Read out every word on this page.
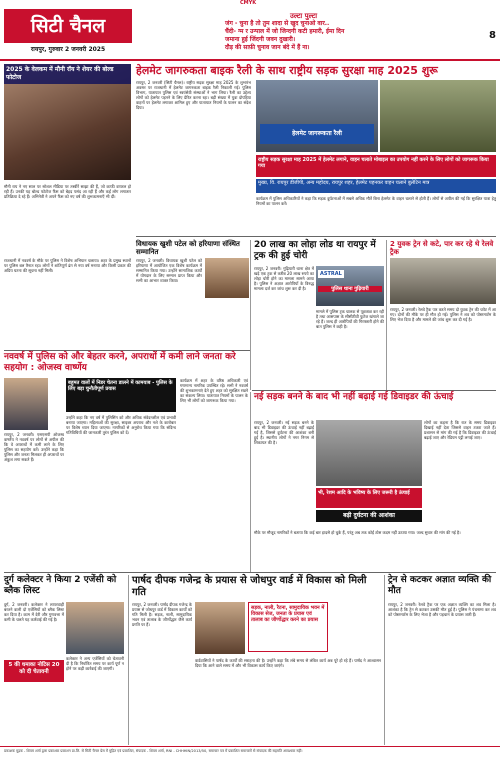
CMYK
8
सिटी चैनल
रायपुर, गुरुवार 2 जनवरी 2025
उल्टा पुल्टा
जंग - चुना है तो तुम शादा से खुद चुनाओ वार..
चैंदी- ग्म र उन्पाल में जो जिन्दगी कटी हमारी, ईमा दिन
जमाना हुई जिंदगी जवन दुखारी।
दौड़ की साफ़ी चुनाव जान बंदे में हैं ना।
2025 के वेलकम में मौनी रॉय ने शेयर की बोल्ड फोटोज
मौनी राय ने नए साल पर सोशल मीडिया पर तस्वीरें साझा की हैं, जो काफी वायरल हो रही हैं। उनकी यह बोल्ड फोटोज फैंस को बेहद पसंद आ रही हैं और कई लोग लगातार प्रतिक्रिया दे रहे हैं। अभिनेत्री ने अपने फैंस को नए वर्ष की शुभकामनाएँ भी दीं।
हेलमेट जागरुकता बाइक रैली के साथ राष्ट्रीय सड़क सुरक्षा माह 2025 शुरू
रायपुर, 2 जनवरी (सिटी चैनल)। राष्ट्रीय सड़क सुरक्षा माह 2025 के शुभारंभ अवसर पर राजधानी में हेलमेट जागरुकता बाइक रैली निकाली गई। पुलिस विभाग, यातायात पुलिस एवं स्वयंसेवी संस्थाओं ने भाग लिया। रैली का उद्देश्य लोगों को हेलमेट पहनने के लिए प्रेरित करना रहा। बड़ी संख्या में युवा दोपहिया वाहनों पर हेलमेट लगाकर शामिल हुए और यातायात नियमों के पालन का संदेश दिया।
हेलमेट जागरूकता रैली
राष्ट्रीय सड़क सुरक्षा माह 2025 में हेलमेट लगाने, वाहन चलाते मोबाइल का उपयोग नहीं करने के लिए लोगों को जागरूक किया गया
मुख्य, वि. रायपुर डीजीपी, अन्य महोदय, रायपुर शहर, हेलमेट पहनकर वाहन चलाने बुलेटिन मात्र
कार्यक्रम में पुलिस अधिकारियों ने कहा कि सड़क दुर्घटनाओं में सबसे अधिक मौतें बिना हेलमेट के वाहन चलाने से होती हैं। लोगों से अपील की गई कि सुरक्षित यात्रा हेतु नियमों का पालन करें।
विधायक खुशी पटेल को हरियाणा संस्थित सम्मानित
रायपुर, 2 जनवरी। विधायक खुशी पटेल को हरियाणा में आयोजित एक विशेष कार्यक्रम में सम्मानित किया गया। उन्होंने सामाजिक कार्यों में योगदान के लिए सम्मान प्राप्त किया और सभी का आभार व्यक्त किया।
20 लाख का लोहा लोड था रायपुर में ट्रक की हुई चोरी
रायपुर, 2 जनवरी। गुढ़ियारी थाना क्षेत्र में खड़े एक ट्रक से करीब 20 लाख रुपये का लोहा चोरी होने का मामला सामने आया है। पुलिस ने अज्ञात आरोपियों के विरुद्ध मामला दर्ज कर जांच शुरू कर दी है।
ASTRAL
पुलिस थाना गुढ़ियारी
मामले में पुलिस ट्रक चालक से पूछताछ कर रही है तथा आसपास के सीसीटीवी फुटेज खंगाले जा रहे हैं। जल्द ही आरोपियों की गिरफ्तारी होने की बात पुलिस ने कही है।
2 युवक ट्रेन से कटे, पार कर रहे थे रेलवे ट्रैक
रायपुर, 2 जनवरी। रेलवे ट्रैक पार करते समय दो युवक ट्रेन की चपेट में आ गए। दोनों की मौके पर ही मौत हो गई। पुलिस ने शव को पोस्टमार्टम के लिए भेज दिया है और मामले की जांच शुरू कर दी गई है।
राजधानी में नववर्ष के मौके पर पुलिस ने विशेष अभियान चलाया। शहर के प्रमुख स्थानों पर पुलिस बल तैनात रहा। लोगों ने शांतिपूर्ण ढंग से नया वर्ष मनाया और किसी प्रकार की अप्रिय घटना की सूचना नहीं मिली।
नववर्ष में पुलिस को और बेहतर करने, अपराधों में कमी लाने जनता करे सहयोग : ओजस्व वार्ष्णेय
रायपुर, 2 जनवरी। एसएसपी ओजस्व वार्ष्णेय ने नववर्ष पर लोगों से अपील की कि वे अपराधों में कमी लाने के लिए पुलिस का सहयोग करें। उन्होंने कहा कि पुलिस और जनता मिलकर ही अपराधों पर अंकुश लगा सकते हैं।
बहुमत वालों में निडर चेतना डालने में कामयाब - पुलिस के लिए बड़ा चुनौतीपूर्ण प्रयास
उन्होंने कहा कि नए वर्ष में पुलिसिंग को और अधिक संवेदनशील एवं प्रभावी बनाया जाएगा। महिलाओं की सुरक्षा, साइबर अपराध और नशे के कारोबार पर विशेष ध्यान दिया जाएगा। नागरिकों से अनुरोध किया गया कि संदिग्ध गतिविधियों की जानकारी तुरंत पुलिस को दें।
कार्यक्रम में शहर के वरिष्ठ अधिकारी एवं गणमान्य नागरिक उपस्थित रहे। सभी ने नववर्ष की शुभकामनाएं देते हुए शहर को सुरक्षित रखने का संकल्प लिया। यातायात नियमों के पालन के लिए भी लोगों को जागरूक किया गया।	नई सड़क बनने के बाद भी नहीं बढ़ाई गई डिवाइडर की ऊंचाई
रायपुर, 2 जनवरी। नई सड़क बनने के बाद भी डिवाइडर की ऊंचाई नहीं बढ़ाई गई है, जिससे दुर्घटना की आशंका बनी हुई है। स्थानीय लोगों ने नगर निगम से शिकायत की है।
लोगों का कहना है कि रात के समय डिवाइडर दिखाई नहीं देता जिससे वाहन टकरा जाते हैं। प्रशासन से मांग की गई है कि डिवाइडर की ऊंचाई बढ़ाई जाए और रेडियम पट्टी लगाई जाए।
भी, रेशम आदि के भविष्य के लिए जरूरी है ऊंचाई
बढ़ी दुर्घटना की आशंका
मौके पर मौजूद नागरिकों ने बताया कि कई बार हादसे हो चुके हैं, परंतु अब तक कोई ठोस कदम नहीं उठाया गया। जल्द सुधार की मांग की गई है।
दुर्ग कलेक्टर ने किया 2 एजेंसी को ब्लैक लिस्ट
दुर्ग, 2 जनवरी। कलेक्टर ने लापरवाही बरतने वाली दो एजेंसियों को ब्लैक लिस्ट कर दिया है। काम में देरी और गुणवत्ता में कमी के चलते यह कार्रवाई की गई है।
5 की धमाका नोटिस 20 को दी चेतावनी
कलेक्टर ने अन्य एजेंसियों को चेतावनी दी है कि निर्धारित समय पर कार्य पूर्ण न होने पर कड़ी कार्रवाई की जाएगी।
पार्षद दीपक गजेन्द्र के प्रयास से जोधपुर वार्ड में विकास को मिली गति
रायपुर, 2 जनवरी। पार्षद दीपक गजेन्द्र के प्रयास से जोधपुर वार्ड में विकास कार्यों को गति मिली है। सड़क, नाली, सामुदायिक भवन एवं तालाब के जीर्णोद्धार जैसे कार्य प्रगति पर हैं।
सड़क, नाली, रैटना, सामुदायिक भवन में विकास सेज, जनता के प्रयास एवं तालाब का जीर्णोद्धार करने का प्रयास
वार्डवासियों ने पार्षद के कार्यों की सराहना की है। उन्होंने कहा कि लंबे समय से लंबित कार्य अब पूरे हो रहे हैं। पार्षद ने आश्वासन दिया कि आने वाले समय में और भी विकास कार्य किए जाएंगे।
ट्रेन से कटकर अज्ञात व्यक्ति की मौत
रायपुर, 2 जनवरी। रेलवे ट्रैक पर एक अज्ञात व्यक्ति का शव मिला है। आशंका है कि ट्रेन से कटकर उसकी मौत हुई है। पुलिस ने पंचनामा कर शव को पोस्टमार्टम के लिए भेजा है और पहचान के प्रयास जारी हैं।
प्रकाशक मुद्रक - शिवम शर्मा द्वारा प्रकाशक प्रकाशन प्रा.लि. से सिटी चैनल प्रेस में मुद्रित एवं प्रकाशित, संपादक - शिवम शर्मा, RNI - CHHHIN/2013/50, समाचार पत्र में प्रकाशित समाचारों से संपादक की सहमति आवश्यक नहीं।
